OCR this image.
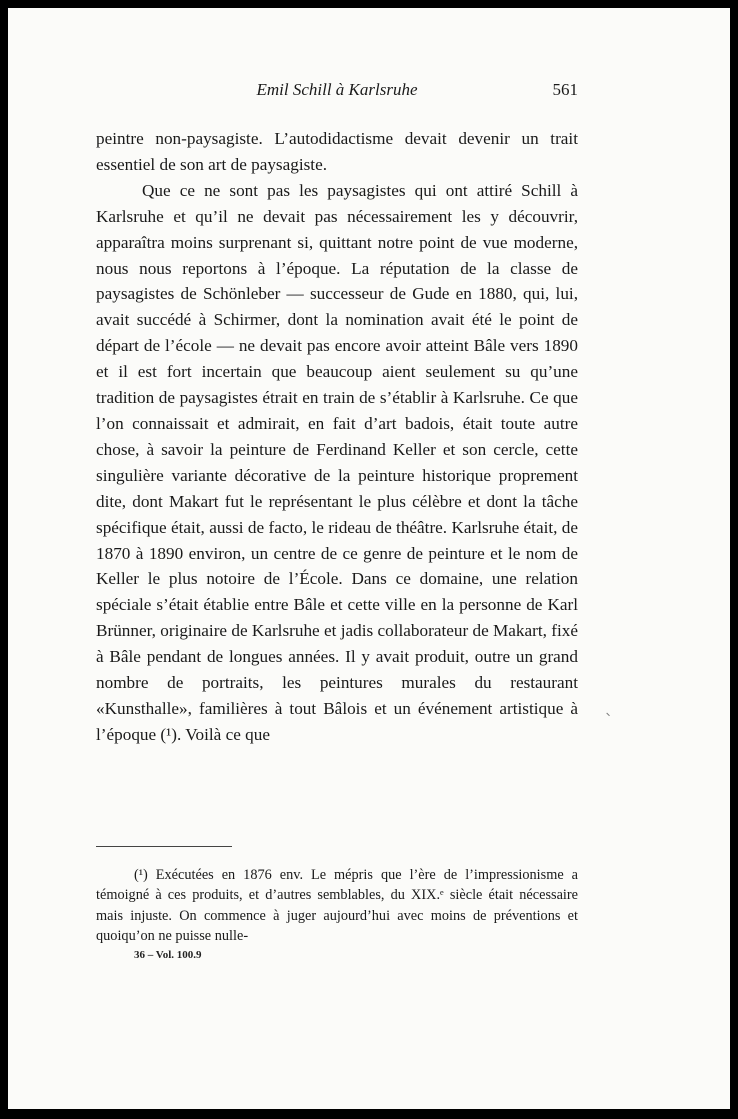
Emil Schill à Karlsruhe	561

peintre non-paysagiste. L’autodidactisme devait devenir un trait essentiel de son art de paysagiste.

Que ce ne sont pas les paysagistes qui ont attiré Schill à Karlsruhe et qu’il ne devait pas nécessairement les y découvrir, apparaîtra moins surprenant si, quittant notre point de vue moderne, nous nous reportons à l’époque. La réputation de la classe de paysagistes de Schönleber — successeur de Gude en 1880, qui, lui, avait succédé à Schirmer, dont la nomination avait été le point de départ de l’école — ne devait pas encore avoir atteint Bâle vers 1890 et il est fort incertain que beaucoup aient seulement su qu’une tradition de paysagistes étrait en train de s’établir à Karlsruhe. Ce que l’on connaissait et admirait, en fait d’art badois, était toute autre chose, à savoir la peinture de Ferdinand Keller et son cercle, cette singulière variante décorative de la peinture historique proprement dite, dont Makart fut le représentant le plus célèbre et dont la tâche spécifique était, aussi de facto, le rideau de théâtre. Karlsruhe était, de 1870 à 1890 environ, un centre de ce genre de peinture et le nom de Keller le plus notoire de l’École. Dans ce domaine, une relation spéciale s’était établie entre Bâle et cette ville en la personne de Karl Brünner, originaire de Karlsruhe et jadis collaborateur de Makart, fixé à Bâle pendant de longues années. Il y avait produit, outre un grand nombre de portraits, les peintures murales du restaurant «Kunsthalle», familières à tout Bâlois et un événement artistique à l’époque (¹). Voilà ce que

(¹) Exécutées en 1876 env. Le mépris que l’ère de l’impressionisme a témoigné à ces produits, et d’autres semblables, du XIX.ᵉ siècle était nécessaire mais injuste. On commence à juger aujourd’hui avec moins de préventions et quoiqu’on ne puisse nulle-

36 – Vol. 100.9
